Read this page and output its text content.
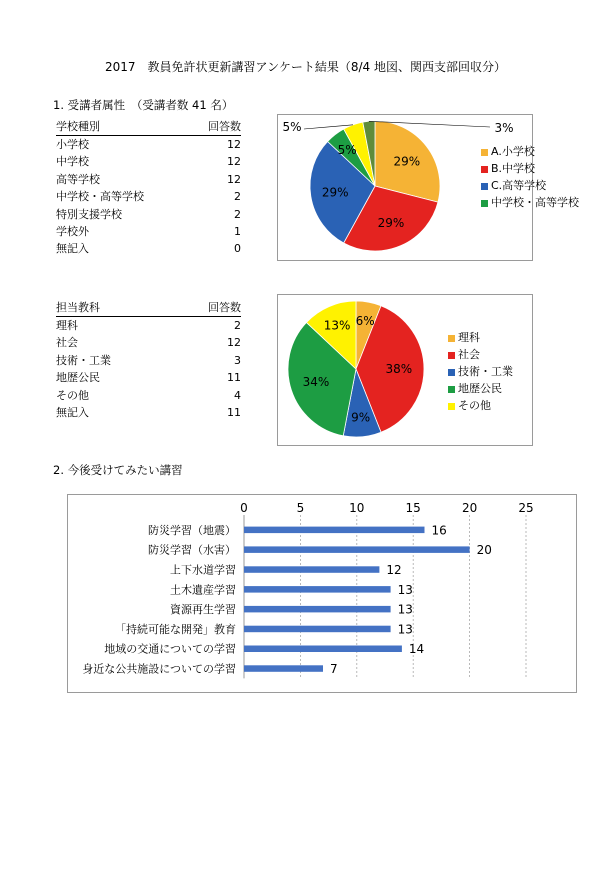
2017　教員免許状更新講習アンケート結果（8/4 地図、関西支部回収分）
1. 受講者属性　（受講者数 41 名）
学校種別	回答数
小学校	12
中学校	12
高等学校	12
中学校・高等学校	2
特別支援学校	2
学校外	1
無記入	0
29%
29%
29%
5%
5%	3%
A.小学校
B.中学校
C.高等学校
中学校・高等学校
担当教科	回答数
理科	2
社会	12
技術・工業	3
地歴公民	11
その他	4
無記入	11
6%
38%
9%
34%
13%
理科
社会
技術・工業
地歴公民
その他
2. 今後受けてみたい講習
0	5	10	15	20	25
防災学習（地震）	16
防災学習（水害）	20
上下水道学習	12
土木遺産学習	13
資源再生学習	13
「持続可能な開発」教育	13
地域の交通についての学習	14
身近な公共施設についての学習	7
